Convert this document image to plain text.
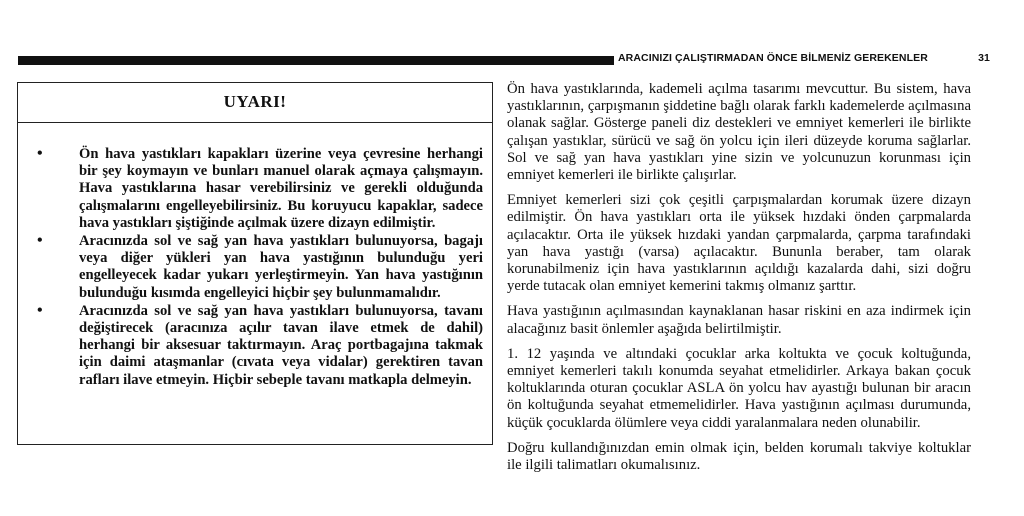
ARACINIZI ÇALIŞTIRMADAN ÖNCE BİLMENİZ GEREKENLER	31
UYARI!
• Ön hava yastıkları kapakları üzerine veya çevresine herhangi bir şey koymayın ve bunları manuel olarak açmaya çalışmayın. Hava yastıklarına hasar verebilirsiniz ve gerekli olduğunda çalışmalarını engelleyebilirsiniz. Bu koruyucu kapaklar, sadece hava yastıkları şiştiğinde açılmak üzere dizayn edilmiştir.
• Aracınızda sol ve sağ yan hava yastıkları bulunuyorsa, bagajı veya diğer yükleri yan hava yastığının bulunduğu yeri engelleyecek kadar yukarı yerleştirmeyin. Yan hava yastığının bulunduğu kısımda engelleyici hiçbir şey bulunmamalıdır.
• Aracınızda sol ve sağ yan hava yastıkları bulunuyorsa, tavanı değiştirecek (aracınıza açılır tavan ilave etmek de dahil) herhangi bir aksesuar taktırmayın. Araç portbagajına takmak için daimi ataşmanlar (cıvata veya vidalar) gerektiren tavan rafları ilave etmeyin. Hiçbir sebeple tavanı matkapla delmeyin.

Ön hava yastıklarında, kademeli açılma tasarımı mevcuttur. Bu sistem, hava yastıklarının, çarpışmanın şiddetine bağlı olarak farklı kademelerde açılmasına olanak sağlar. Gösterge paneli diz destekleri ve emniyet kemerleri ile birlikte çalışan yastıklar, sürücü ve sağ ön yolcu için ileri düzeyde koruma sağlarlar. Sol ve sağ yan hava yastıkları yine sizin ve yolcunuzun korunması için emniyet kemerleri ile birlikte çalışırlar.

Emniyet kemerleri sizi çok çeşitli çarpışmalardan korumak üzere dizayn edilmiştir. Ön hava yastıkları orta ile yüksek hızdaki önden çarpmalarda açılacaktır. Orta ile yüksek hızdaki yandan çarpmalarda, çarpma tarafındaki yan hava yastığı (varsa) açılacaktır. Bununla beraber, tam olarak korunabilmeniz için hava yastıklarının açıldığı kazalarda dahi, sizi doğru yerde tutacak olan emniyet kemerini takmış olmanız şarttır.

Hava yastığının açılmasından kaynaklanan hasar riskini en aza indirmek için alacağınız basit önlemler aşağıda belirtilmiştir.

1. 12 yaşında ve altındaki çocuklar arka koltukta ve çocuk koltuğunda, emniyet kemerleri takılı konumda seyahat etmelidirler. Arkaya bakan çocuk koltuklarında oturan çocuklar ASLA ön yolcu hav ayastığı bulunan bir aracın ön koltuğunda seyahat etmemelidirler. Hava yastığının açılması durumunda, küçük çocuklarda ölümlere veya ciddi yaralanmalara neden olunabilir.

Doğru kullandığınızdan emin olmak için, belden korumalı takviye koltuklar ile ilgili talimatları okumalısınız.
